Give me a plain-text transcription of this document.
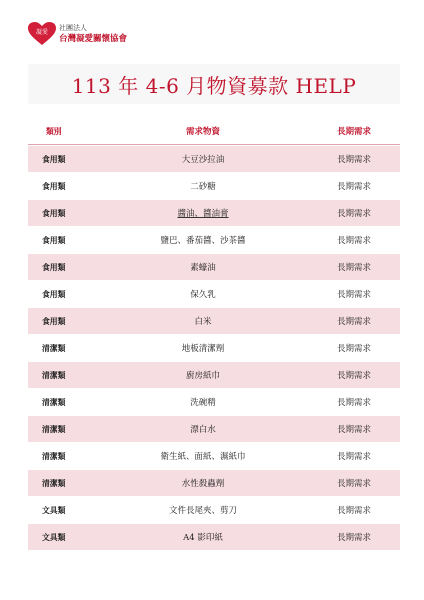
凝愛
社團法人
台灣凝愛關懷協會
113 年 4-6 月物資募款 HELP
類別	需求物資	長期需求
食用類	大豆沙拉油	長期需求
食用類	二砂糖	長期需求
食用類	醬油、醬油膏	長期需求
食用類	鹽巴、番茄醬、沙茶醬	長期需求
食用類	素蠔油	長期需求
食用類	保久乳	長期需求
食用類	白米	長期需求
清潔類	地板清潔劑	長期需求
清潔類	廚房紙巾	長期需求
清潔類	洗碗精	長期需求
清潔類	漂白水	長期需求
清潔類	衛生紙、面紙、濕紙巾	長期需求
清潔類	水性殺蟲劑	長期需求
文具類	文件長尾夾、剪刀	長期需求
文具類	A4 影印紙	長期需求
